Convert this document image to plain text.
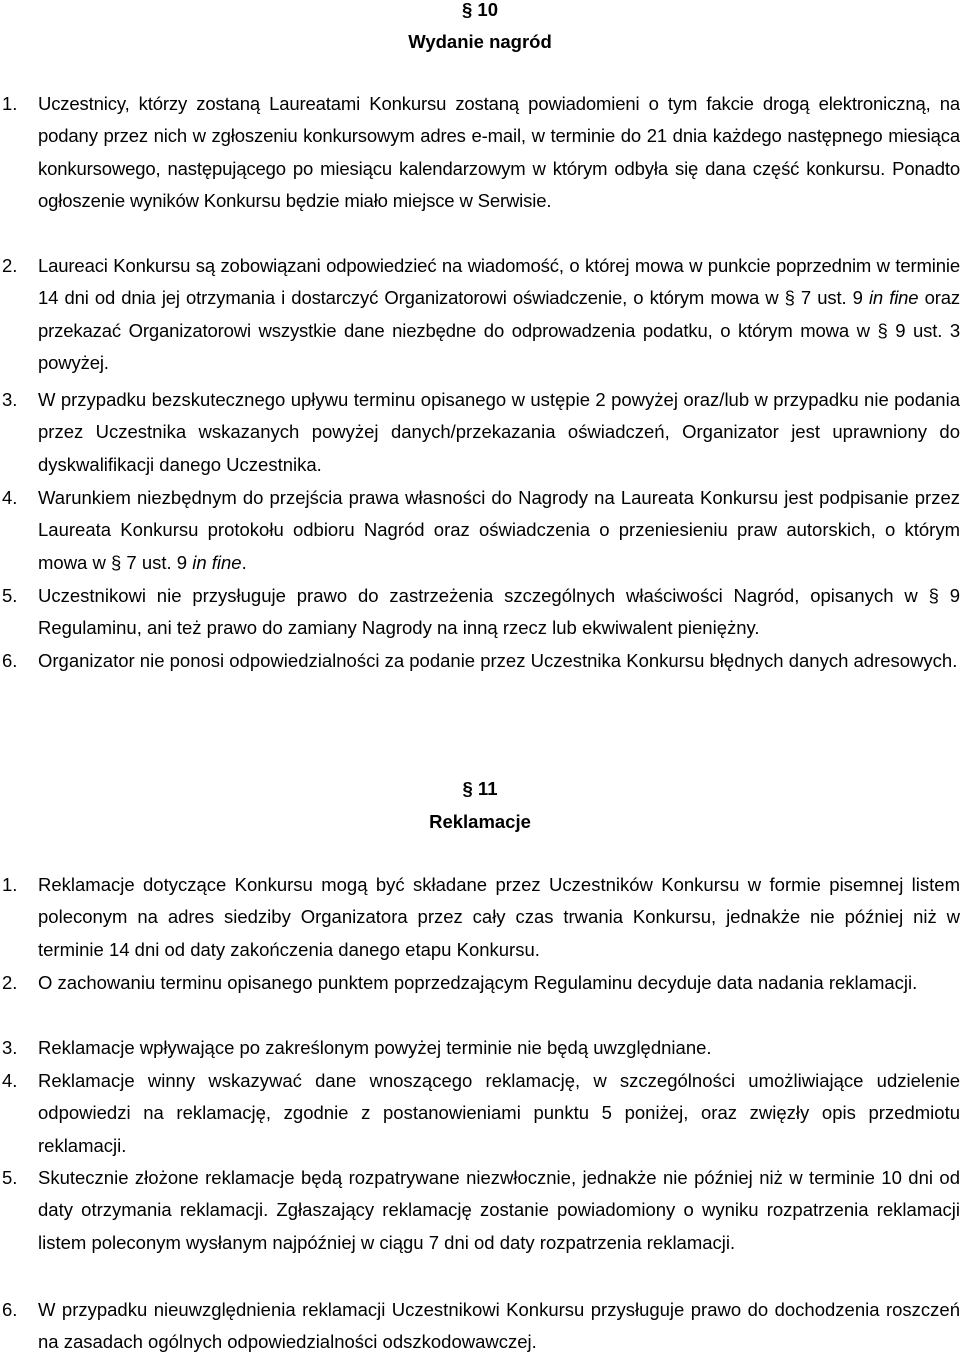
§ 10
Wydanie nagród
1. Uczestnicy, którzy zostaną Laureatami Konkursu zostaną powiadomieni o tym fakcie drogą elektroniczną, na podany przez nich w zgłoszeniu konkursowym adres e-mail, w terminie do 21 dnia każdego następnego miesiąca konkursowego, następującego po miesiącu kalendarzowym w którym odbyła się dana część konkursu. Ponadto ogłoszenie wyników Konkursu będzie miało miejsce w Serwisie.
2. Laureaci Konkursu są zobowiązani odpowiedzieć na wiadomość, o której mowa w punkcie poprzednim w terminie 14 dni od dnia jej otrzymania i dostarczyć Organizatorowi oświadczenie, o którym mowa w § 7 ust. 9 in fine oraz przekazać Organizatorowi wszystkie dane niezbędne do odprowadzenia podatku, o którym mowa w § 9 ust. 3 powyżej.
3. W przypadku bezskutecznego upływu terminu opisanego w ustępie 2 powyżej oraz/lub w przypadku nie podania przez Uczestnika wskazanych powyżej danych/przekazania oświadczeń, Organizator jest uprawniony do dyskwalifikacji danego Uczestnika.
4. Warunkiem niezbędnym do przejścia prawa własności do Nagrody na Laureata Konkursu jest podpisanie przez Laureata Konkursu protokołu odbioru Nagród oraz oświadczenia o przeniesieniu praw autorskich, o którym mowa w § 7 ust. 9 in fine.
5. Uczestnikowi nie przysługuje prawo do zastrzeżenia szczególnych właściwości Nagród, opisanych w § 9 Regulaminu, ani też prawo do zamiany Nagrody na inną rzecz lub ekwiwalent pieniężny.
6. Organizator nie ponosi odpowiedzialności za podanie przez Uczestnika Konkursu błędnych danych adresowych.
§ 11
Reklamacje
1. Reklamacje dotyczące Konkursu mogą być składane przez Uczestników Konkursu w formie pisemnej listem poleconym na adres siedziby Organizatora przez cały czas trwania Konkursu, jednakże nie później niż w terminie 14 dni od daty zakończenia danego etapu Konkursu.
2. O zachowaniu terminu opisanego punktem poprzedzającym Regulaminu decyduje data nadania reklamacji.
3. Reklamacje wpływające po zakreślonym powyżej terminie nie będą uwzględniane.
4. Reklamacje winny wskazywać dane wnoszącego reklamację, w szczególności umożliwiające udzielenie odpowiedzi na reklamację, zgodnie z postanowieniami punktu 5 poniżej, oraz zwięzły opis przedmiotu reklamacji.
5. Skutecznie złożone reklamacje będą rozpatrywane niezwłocznie, jednakże nie później niż w terminie 10 dni od daty otrzymania reklamacji. Zgłaszający reklamację zostanie powiadomiony o wyniku rozpatrzenia reklamacji listem poleconym wysłanym najpóźniej w ciągu 7 dni od daty rozpatrzenia reklamacji.
6. W przypadku nieuwzględnienia reklamacji Uczestnikowi Konkursu przysługuje prawo do dochodzenia roszczeń na zasadach ogólnych odpowiedzialności odszkodowawczej.
